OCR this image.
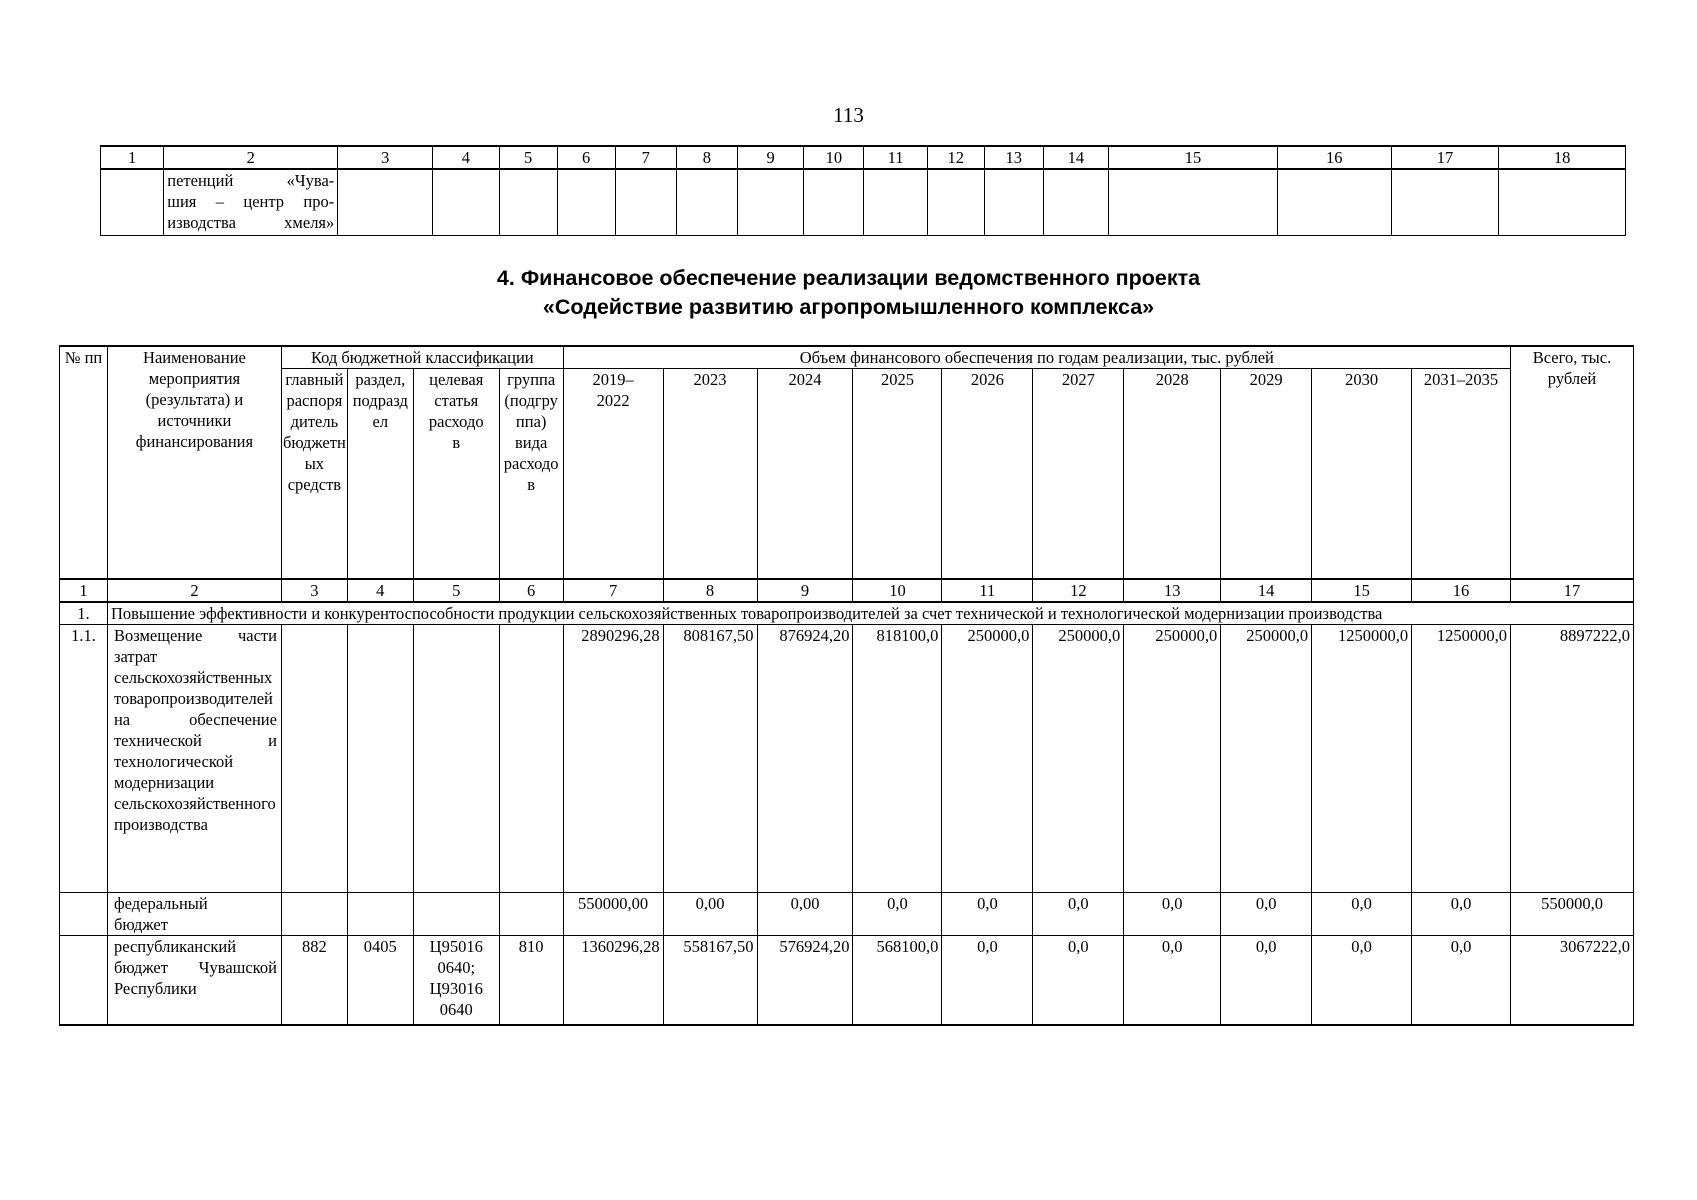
113
1	2	3	4	5	6	7	8	9	10	11	12	13	14	15	16	17	18

	петенций «Чува-
шия – центр про-
изводства хмеля»																

4. Финансовое обеспечение реализации ведомственного проекта
«Содействие развитию агропромышленного комплекса»
№ пп	Наименование мероприятия (результата) и источники финансирования	Код бюджетной классификации				Объем финансового обеспечения по годам реализации, тыс. рублей										Всего, тыс. рублей
		главный распорядитель бюджетных средств	раздел, подраздел	целевая статья расходов	группа (подгруппа) вида расходов	2019–2022	2023	2024	2025	2026	2027	2028	2029	2030	2031–2035	
1	2	3	4	5	6	7	8	9	10	11	12	13	14	15	16	17
1.	Повышение эффективности и конкурентоспособности продукции сельскохозяйственных товаропроизводителей за счет технической и технологической модернизации производства															
1.1.	Возмещение части затрат сельскохозяйственных товаропроизводителей на обеспечение технической и технологической модернизации сельскохозяйственного производства					2890296,28	808167,50	876924,20	818100,0	250000,0	250000,0	250000,0	250000,0	1250000,0	1250000,0	8897222,0
	федеральный бюджет					550000,00	0,00	0,00	0,0	0,0	0,0	0,0	0,0	0,0	0,0	550000,0
	республиканский бюджет Чувашской Республики	882	0405	Ц95016 0640; Ц93016 0640	810	1360296,28	558167,50	576924,20	568100,0	0,0	0,0	0,0	0,0	0,0	0,0	3067222,0
